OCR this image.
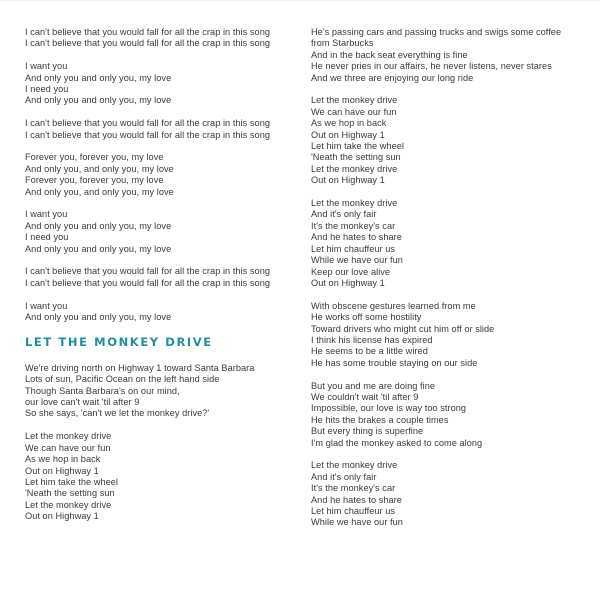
I can't believe that you would fall for all the crap in this song
I can't believe that you would fall for all the crap in this song
I want you
And only you and only you, my love
I need you
And only you and only you, my love
I can't believe that you would fall for all the crap in this song
I can't believe that you would fall for all the crap in this song
Forever you, forever you, my love
And only you, and only you, my love
Forever you, forever you, my love
And only you, and only you, my love
I want you
And only you and only you, my love
I need you
And only you and only you, my love
I can't believe that you would fall for all the crap in this song
I can't believe that you would fall for all the crap in this song
I want you
And only you and only you, my love
LET THE MONKEY DRIVE
We're driving north on Highway 1 toward Santa Barbara
Lots of sun, Pacific Ocean on the left hand side
Though Santa Barbara's on our mind,
our love can't wait 'til after 9
So she says, 'can't we let the monkey drive?'
Let the monkey drive
We can have our fun
As we hop in back
Out on Highway 1
Let him take the wheel
'Neath the setting sun
Let the monkey drive
Out on Highway 1
He's passing cars and passing trucks and swigs some coffee
from Starbucks
And in the back seat everything is fine
He never pries in our affairs, he never listens, never stares
And we three are enjoying our long ride
Let the monkey drive
We can have our fun
As we hop in back
Out on Highway 1
Let him take the wheel
'Neath the setting sun
Let the monkey drive
Out on Highway 1
Let the monkey drive
And it's only fair
It's the monkey's car
And he hates to share
Let him chauffeur us
While we have our fun
Keep our love alive
Out on Highway 1
With obscene gestures learned from me
He works off some hostility
Toward drivers who might cut him off or slide
I think his license has expired
He seems to be a little wired
He has some trouble staying on our side
But you and me are doing fine
We couldn't wait 'til after 9
Impossible, our love is way too strong
He hits the brakes a couple times
But every thing is superfine
I'm glad the monkey asked to come along
Let the monkey drive
And it's only fair
It's the monkey's car
And he hates to share
Let him chauffeur us
While we have our fun
